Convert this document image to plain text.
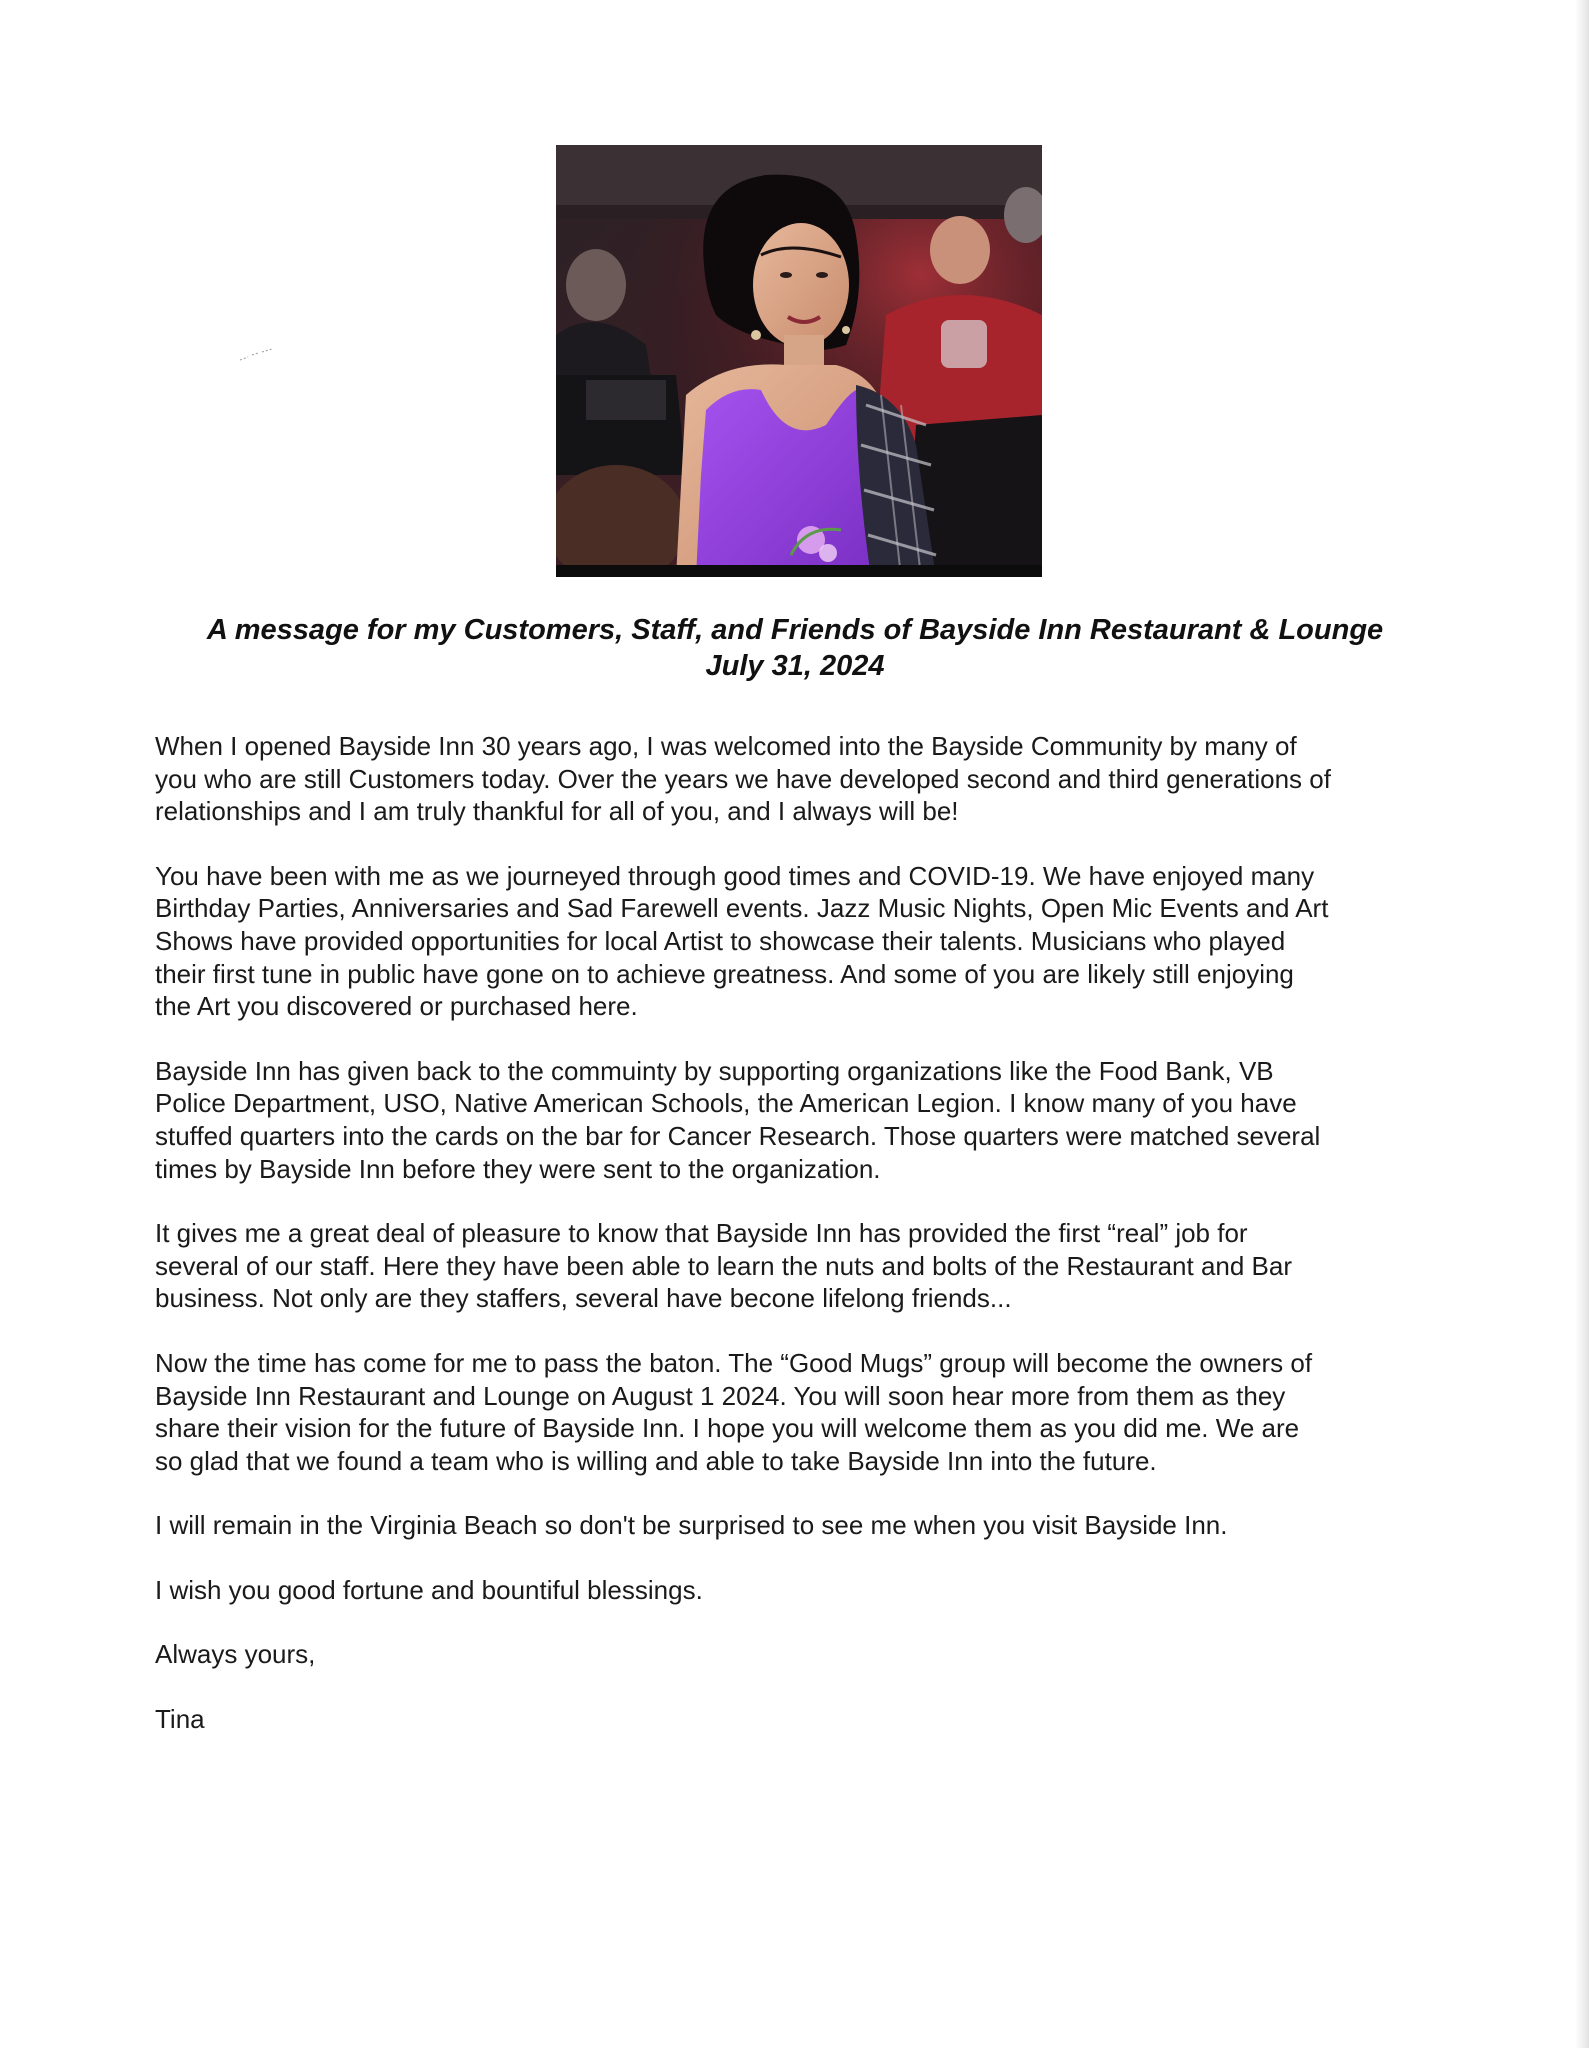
A message for my Customers, Staff, and Friends of Bayside Inn Restaurant & Lounge
July 31, 2024

When I opened Bayside Inn 30 years ago, I was welcomed into the Bayside Community by many of
you who are still Customers today. Over the years we have developed second and third generations of
relationships and I am truly thankful for all of you, and I always will be!

You have been with me as we journeyed through good times and COVID-19. We have enjoyed many
Birthday Parties, Anniversaries and Sad Farewell events. Jazz Music Nights, Open Mic Events and Art
Shows have provided opportunities for local Artist to showcase their talents. Musicians who played
their first tune in public have gone on to achieve greatness. And some of you are likely still enjoying
the Art you discovered or purchased here.

Bayside Inn has given back to the commuinty by supporting organizations like the Food Bank, VB
Police Department, USO, Native American Schools, the American Legion. I know many of you have
stuffed quarters into the cards on the bar for Cancer Research. Those quarters were matched several
times by Bayside Inn before they were sent to the organization.

It gives me a great deal of pleasure to know that Bayside Inn has provided the first “real” job for
several of our staff. Here they have been able to learn the nuts and bolts of the Restaurant and Bar
business. Not only are they staffers, several have becone lifelong friends...

Now the time has come for me to pass the baton. The “Good Mugs” group will become the owners of
Bayside Inn Restaurant and Lounge on August 1 2024. You will soon hear more from them as they
share their vision for the future of Bayside Inn. I hope you will welcome them as you did me. We are
so glad that we found a team who is willing and able to take Bayside Inn into the future.

I will remain in the Virginia Beach so don't be surprised to see me when you visit Bayside Inn.

I wish you good fortune and bountiful blessings.

Always yours,

Tina
